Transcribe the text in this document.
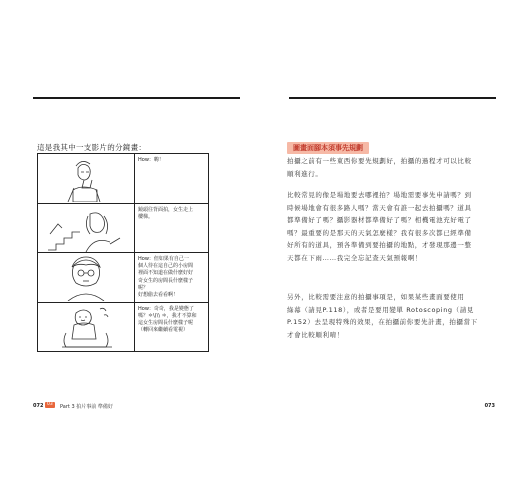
這是我其中一支影片的分鏡畫：
How：嗨！
鏡頭往背面拍，女生走上
樓梯。
How：但如果有自己一
個人待在這自己的小房間
裡面不知道在做什麼好好
奇女生的房間長什麼樣子
呢？
好想偷去看看啊！
How：奇奇，我是變態了
嗎？＊\(\\ ＊，我才不算和
這女生房間長什麼樣子呢
（轉回來繼續看電視）
072 03	Part 3 拍片事前 準備好
圖畫面腳本須事先規劃
拍攝之前有一些東西你要先規劃好，拍攝的過程才可以比較
順利進行。
比較常見的像是場地要去哪裡拍？場地需要事先申請嗎？到
時候場地會有很多路人嗎？當天會有誰一起去拍攝嗎？道具
都準備好了嗎？攝影器材都準備好了嗎？相機電池充好電了
嗎？最重要的是那天的天氣怎麼樣？我有很多次都已經準備
好所有的道具，預各準備到要拍攝的地點，才發現那邊一整
天都在下雨……我完全忘記查天氣預報啊！
另外，比較需要注意的拍攝事項是，如果某些畫面要使用
綠幕（請見P.118），或者是要用變單 Rotoscoping（請見
P.152）去呈現特殊的效果，在拍攝前你要先計畫，拍攝當下
才會比較順利唷！
073
